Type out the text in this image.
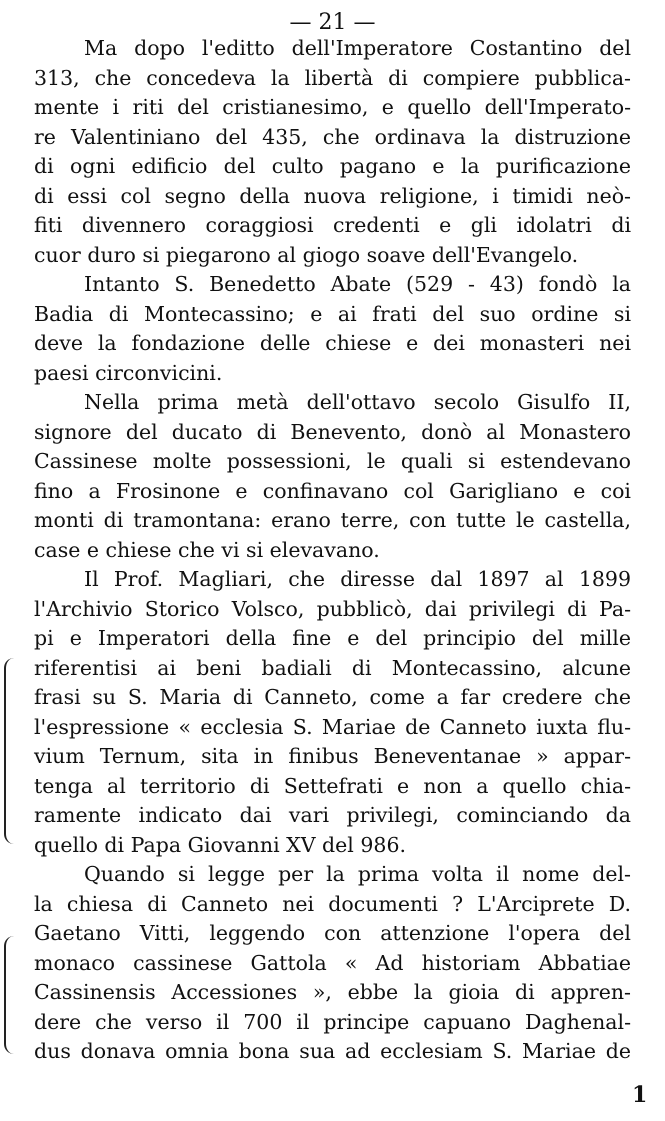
— 21 —
Ma dopo l'editto dell'Imperatore Costantino del
313, che concedeva la libertà di compiere pubblica-
mente i riti del cristianesimo, e quello dell'Imperato-
re Valentiniano del 435, che ordinava la distruzione
di ogni edificio del culto pagano e la purificazione
di essi col segno della nuova religione, i timidi neò-
fiti divennero coraggiosi credenti e gli idolatri di
cuor duro si piegarono al giogo soave dell'Evangelo.
Intanto S. Benedetto Abate (529 - 43) fondò la
Badia di Montecassino; e ai frati del suo ordine si
deve la fondazione delle chiese e dei monasteri nei
paesi circonvicini.
Nella prima metà dell'ottavo secolo Gisulfo II,
signore del ducato di Benevento, donò al Monastero
Cassinese molte possessioni, le quali si estendevano
fino a Frosinone e confinavano col Garigliano e coi
monti di tramontana: erano terre, con tutte le castella,
case e chiese che vi si elevavano.
Il Prof. Magliari, che diresse dal 1897 al 1899
l'Archivio Storico Volsco, pubblicò, dai privilegi di Pa-
pi e Imperatori della fine e del principio del mille
riferentisi ai beni badiali di Montecassino, alcune
frasi su S. Maria di Canneto, come a far credere che
l'espressione « ecclesia S. Mariae de Canneto iuxta flu-
vium Ternum, sita in finibus Beneventanae » appar-
tenga al territorio di Settefrati e non a quello chia-
ramente indicato dai vari privilegi, cominciando da
quello di Papa Giovanni XV del 986.
Quando si legge per la prima volta il nome del-
la chiesa di Canneto nei documenti ? L'Arciprete D.
Gaetano Vitti, leggendo con attenzione l'opera del
monaco cassinese Gattola « Ad historiam Abbatiae
Cassinensis Accessiones », ebbe la gioia di appren-
dere che verso il 700 il principe capuano Daghenal-
dus donava omnia bona sua ad ecclesiam S. Mariae de
1
